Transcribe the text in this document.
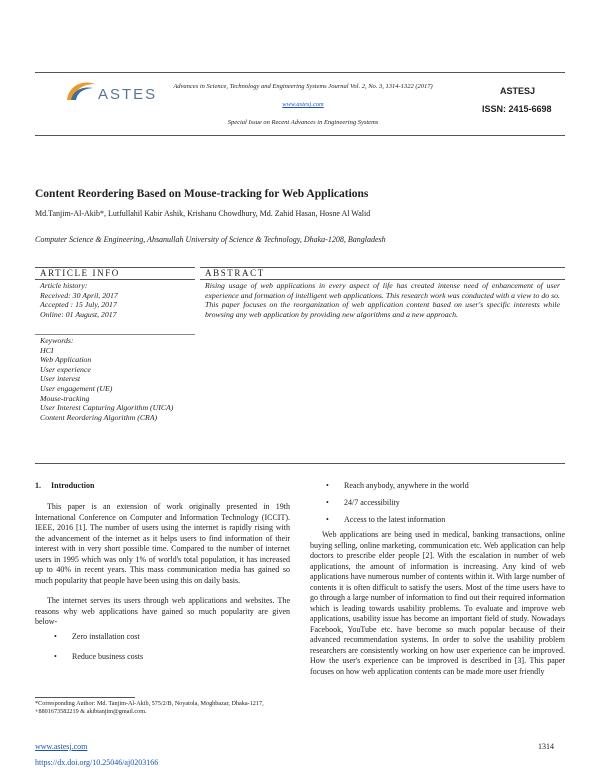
ASTES	Advances in Science, Technology and Engineering Systems Journal Vol. 2, No. 3, 1314-1322 (2017)
www.astesj.com
Special Issue on Recent Advances in Engineering Systems
ASTESJ
ISSN: 2415-6698
Content Reordering Based on Mouse-tracking for Web Applications
Md.Tanjim-Al-Akib*, Lutfullahil Kabir Ashik, Krishanu Chowdhury, Md. Zahid Hasan, Hosne Al Walid
Computer Science & Engineering, Ahsanullah University of Science & Technology, Dhaka-1208, Bangladesh
ARTICLE INFO	ABSTRACT
Article history:
Received: 30 April, 2017
Accepted : 15 July, 2017
Online: 01 August, 2017
Rising usage of web applications in every aspect of life has created intense need of enhancement of user experience and formation of intelligent web applications. This research work was conducted with a view to do so. This paper focuses on the reorganization of web application content based on user's specific interests while browsing any web application by providing new algorithms and a new approach.
Keywords:
HCI
Web Application
User experience
User interest
User engagement (UE)
Mouse-tracking
User Interest Capturing Algorithm (UICA)
Content Reordering Algorithm (CRA)
1.     Introduction
This paper is an extension of work originally presented in 19th International Conference on Computer and Information Technology (ICCIT). IEEE, 2016 [1]. The number of users using the internet is rapidly rising with the advancement of the internet as it helps users to find information of their interest with in very short possible time. Compared to the number of internet users in 1995 which was only 1% of world's total population, it has increased up to 40% in recent years. This mass communication media has gained so much popularity that people have been using this on daily basis.
The internet serves its users through web applications and websites. The reasons why web applications have gained so much popularity are given below-
• Zero installation cost
• Reduce business costs
*Corresponding Author: Md. Tanjim-Al-Akib, 575/2/B, Noyatola, Moghbazar, Dhaka-1217, +8801673582219 & akibtanjim@gmail.com.
• Reach anybody, anywhere in the world
• 24/7 accessibility
• Access to the latest information
Web applications are being used in medical, banking transactions, online buying selling, online marketing, communication etc. Web application can help doctors to prescribe elder people [2]. With the escalation in number of web applications, the amount of information is increasing. Any kind of web applications have numerous number of contents within it. With large number of contents it is often difficult to satisfy the users. Most of the time users have to go through a large number of information to find out their required information which is leading towards usability problems. To evaluate and improve web applications, usability issue has become an important field of study. Nowadays Facebook, YouTube etc. have become so much popular because of their advanced recommendation systems. In order to solve the usability problem researchers are consistently working on how user experience can be improved. How the user's experience can be improved is described in [3]. This paper focuses on how web application contents can be made more user friendly
www.astesj.com
https://dx.doi.org/10.25046/aj0203166
1314
